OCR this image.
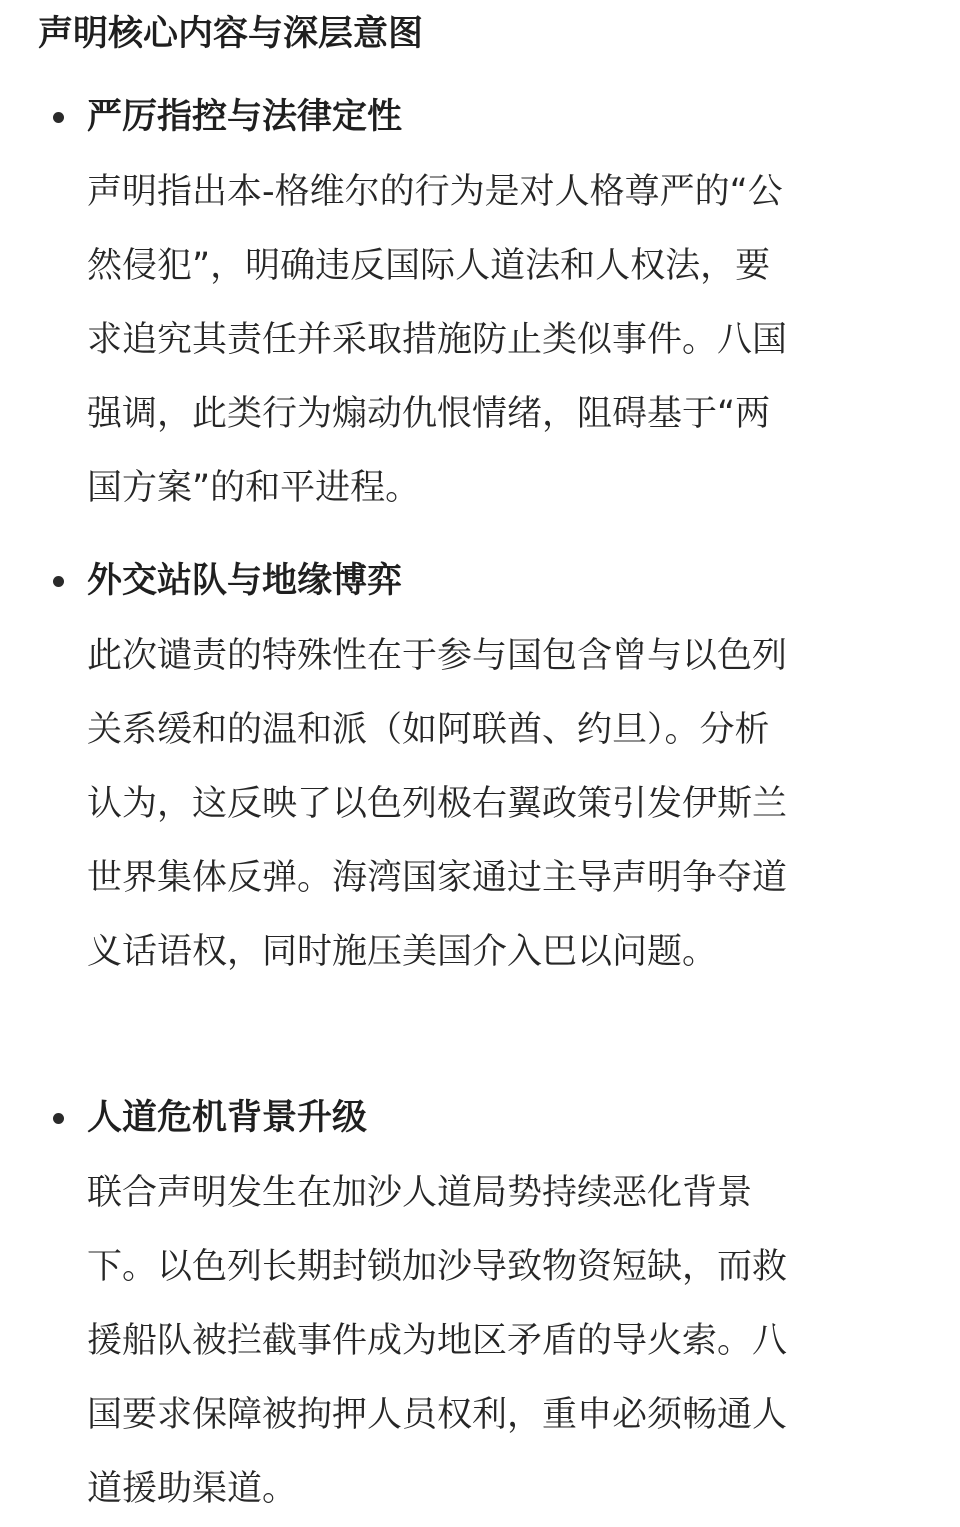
声明核心内容与深层意图
严厉指控与法律定性
声明指出本-格维尔的行为是对人格尊严的“公
然侵犯”，明确违反国际人道法和人权法，要
求追究其责任并采取措施防止类似事件。八国
强调，此类行为煽动仇恨情绪，阻碍基于“两
国方案”的和平进程。
外交站队与地缘博弈
此次谴责的特殊性在于参与国包含曾与以色列
关系缓和的温和派（如阿联酋、约旦）。分析
认为，这反映了以色列极右翼政策引发伊斯兰
世界集体反弹。海湾国家通过主导声明争夺道
义话语权，同时施压美国介入巴以问题。
人道危机背景升级
联合声明发生在加沙人道局势持续恶化背景
下。以色列长期封锁加沙导致物资短缺，而救
援船队被拦截事件成为地区矛盾的导火索。八
国要求保障被拘押人员权利，重申必须畅通人
道援助渠道。
